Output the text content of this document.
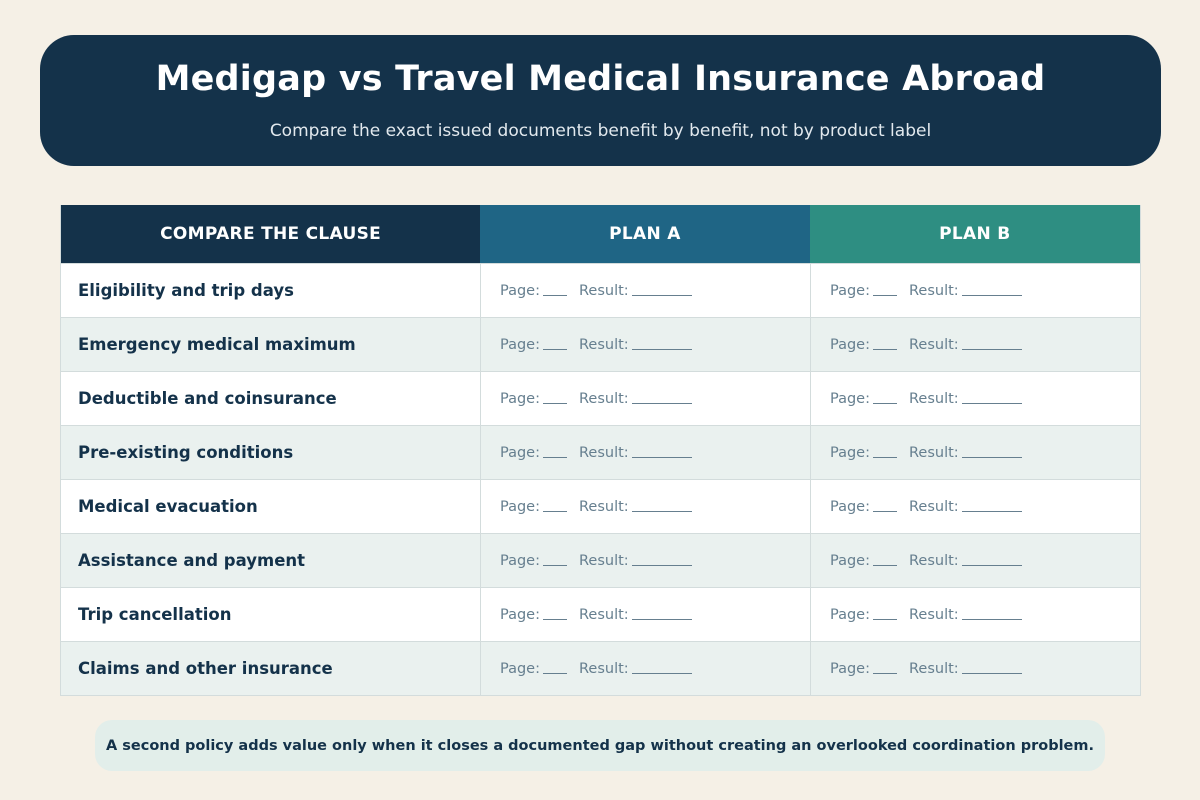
Medigap vs Travel Medical Insurance Abroad
Compare the exact issued documents benefit by benefit, not by product label
COMPARE THE CLAUSE	PLAN A	PLAN B
Eligibility and trip days	Page:	Result:	Page:	Result:
Emergency medical maximum	Page:	Result:	Page:	Result:
Deductible and coinsurance	Page:	Result:	Page:	Result:
Pre-existing conditions	Page:	Result:	Page:	Result:
Medical evacuation	Page:	Result:	Page:	Result:
Assistance and payment	Page:	Result:	Page:	Result:
Trip cancellation	Page:	Result:	Page:	Result:
Claims and other insurance	Page:	Result:	Page:	Result:
A second policy adds value only when it closes a documented gap without creating an overlooked coordination problem.
